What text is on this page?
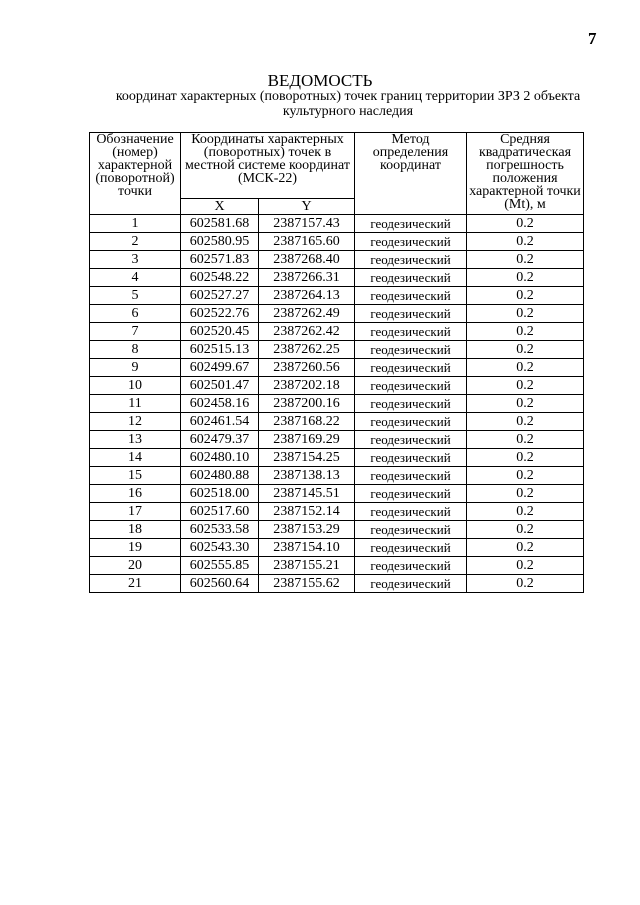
7
ВЕДОМОСТЬ
координат характерных (поворотных) точек границ территории ЗРЗ 2 объекта культурного наследия
Обозначение (номер) характерной (поворотной) точки	Координаты характерных (поворотных) точек в местной системе координат (МСК-22)		Метод определения координат	Средняя квадратическая погрешность положения характерной точки (Mt), м
	X	Y		
1	602581.68	2387157.43	геодезический	0.2
2	602580.95	2387165.60	геодезический	0.2
3	602571.83	2387268.40	геодезический	0.2
4	602548.22	2387266.31	геодезический	0.2
5	602527.27	2387264.13	геодезический	0.2
6	602522.76	2387262.49	геодезический	0.2
7	602520.45	2387262.42	геодезический	0.2
8	602515.13	2387262.25	геодезический	0.2
9	602499.67	2387260.56	геодезический	0.2
10	602501.47	2387202.18	геодезический	0.2
11	602458.16	2387200.16	геодезический	0.2
12	602461.54	2387168.22	геодезический	0.2
13	602479.37	2387169.29	геодезический	0.2
14	602480.10	2387154.25	геодезический	0.2
15	602480.88	2387138.13	геодезический	0.2
16	602518.00	2387145.51	геодезический	0.2
17	602517.60	2387152.14	геодезический	0.2
18	602533.58	2387153.29	геодезический	0.2
19	602543.30	2387154.10	геодезический	0.2
20	602555.85	2387155.21	геодезический	0.2
21	602560.64	2387155.62	геодезический	0.2
